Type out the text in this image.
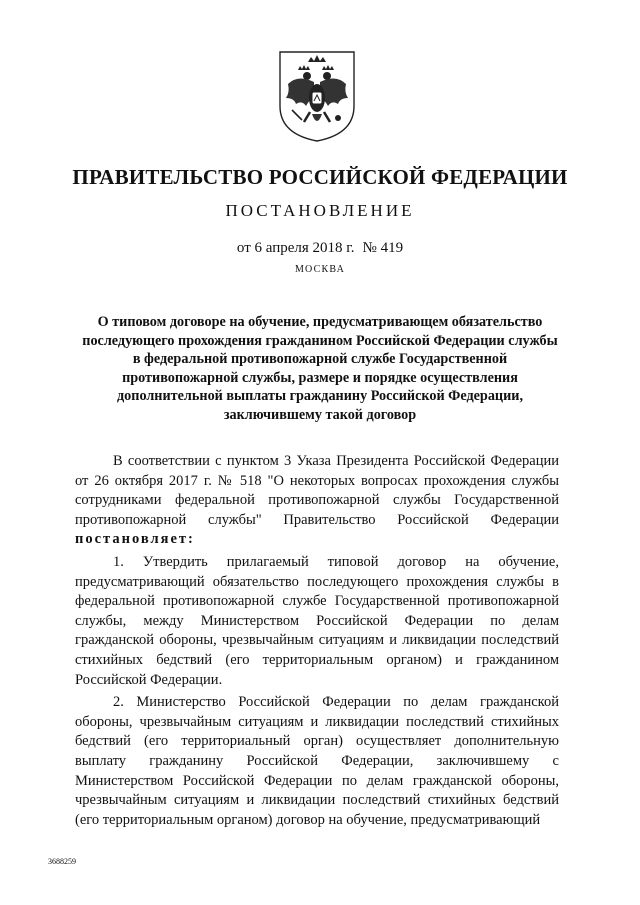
ПРАВИТЕЛЬСТВО РОССИЙСКОЙ ФЕДЕРАЦИИ
ПОСТАНОВЛЕНИЕ
от 6 апреля 2018 г. № 419
МОСКВА
О типовом договоре на обучение, предусматривающем обязательство последующего прохождения гражданином Российской Федерации службы в федеральной противопожарной службе Государственной противопожарной службы, размере и порядке осуществления дополнительной выплаты гражданину Российской Федерации, заключившему такой договор

В соответствии с пунктом 3 Указа Президента Российской Федерации от 26 октября 2017 г. № 518 "О некоторых вопросах прохождения службы сотрудниками федеральной противопожарной службы Государственной противопожарной службы" Правительство Российской Федерации постановляет:

1. Утвердить прилагаемый типовой договор на обучение, предусматривающий обязательство последующего прохождения службы в федеральной противопожарной службе Государственной противопожарной службы, между Министерством Российской Федерации по делам гражданской обороны, чрезвычайным ситуациям и ликвидации последствий стихийных бедствий (его территориальным органом) и гражданином Российской Федерации.

2. Министерство Российской Федерации по делам гражданской обороны, чрезвычайным ситуациям и ликвидации последствий стихийных бедствий (его территориальный орган) осуществляет дополнительную выплату гражданину Российской Федерации, заключившему с Министерством Российской Федерации по делам гражданской обороны, чрезвычайным ситуациям и ликвидации последствий стихийных бедствий (его территориальным органом) договор на обучение, предусматривающий

3688259
